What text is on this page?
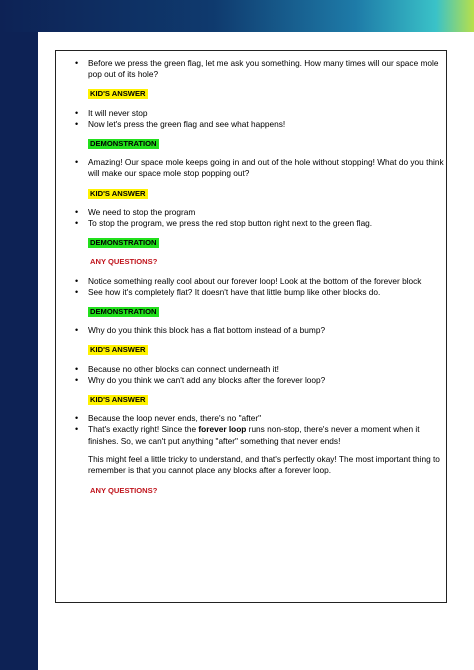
• Before we press the green flag, let me ask you something. How many times will our space mole pop out of its hole?
KID'S ANSWER
• It will never stop
• Now let's press the green flag and see what happens!
DEMONSTRATION
• Amazing! Our space mole keeps going in and out of the hole without stopping! What do you think will make our space mole stop popping out?
KID'S ANSWER
• We need to stop the program
• To stop the program, we press the red stop button right next to the green flag.
DEMONSTRATION
ANY QUESTIONS?
• Notice something really cool about our forever loop! Look at the bottom of the forever block
• See how it's completely flat? It doesn't have that little bump like other blocks do.
DEMONSTRATION
• Why do you think this block has a flat bottom instead of a bump?
KID'S ANSWER
• Because no other blocks can connect underneath it!
• Why do you think we can't add any blocks after the forever loop?
KID'S ANSWER
• Because the loop never ends, there's no "after"
• That's exactly right! Since the forever loop runs non-stop, there's never a moment when it finishes. So, we can't put anything "after" something that never ends!

This might feel a little tricky to understand, and that's perfectly okay! The most important thing to remember is that you cannot place any blocks after a forever loop.

ANY QUESTIONS?
